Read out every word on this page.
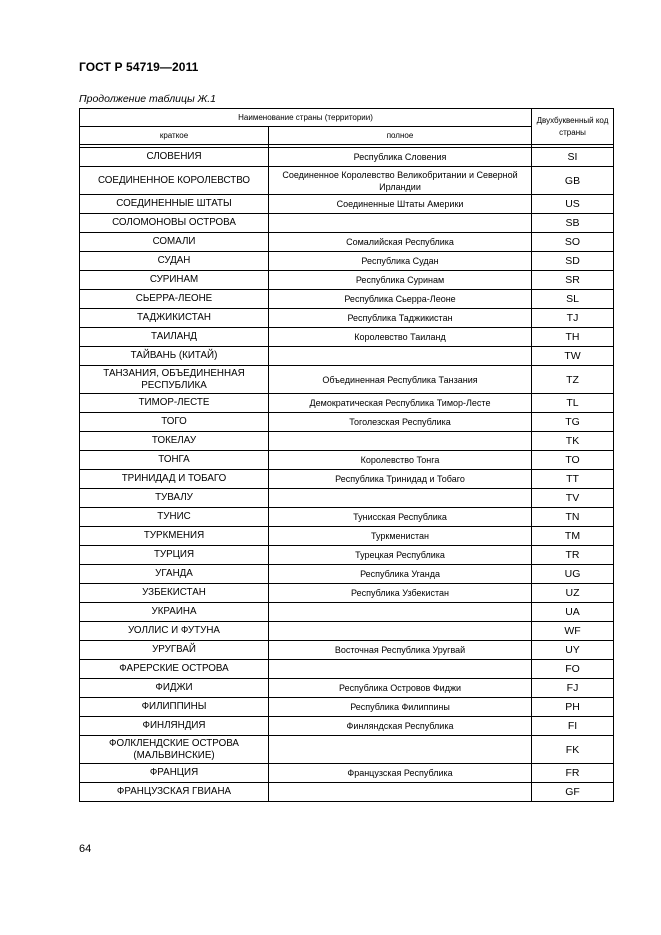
ГОСТ Р 54719—2011
Продолжение таблицы Ж.1
Наименование страны (территории)		Двухбуквенный код страны
краткое	полное	

СЛОВЕНИЯ	Республика Словения	SI
СОЕДИНЕННОЕ КОРОЛЕВСТВО	Соединенное Королевство Великобритании и Северной Ирландии	GB
СОЕДИНЕННЫЕ ШТАТЫ	Соединенные Штаты Америки	US
СОЛОМОНОВЫ ОСТРОВА		SB
СОМАЛИ	Сомалийская Республика	SO
СУДАН	Республика Судан	SD
СУРИНАМ	Республика Суринам	SR
СЬЕРРА-ЛЕОНЕ	Республика Сьерра-Леоне	SL
ТАДЖИКИСТАН	Республика Таджикистан	TJ
ТАИЛАНД	Королевство Таиланд	TH
ТАЙВАНЬ (КИТАЙ)		TW
ТАНЗАНИЯ, ОБЪЕДИНЕННАЯ РЕСПУБЛИКА	Объединенная Республика Танзания	TZ
ТИМОР-ЛЕСТЕ	Демократическая Республика Тимор-Лесте	TL
ТОГО	Тоголезская Республика	TG
ТОКЕЛАУ		TK
ТОНГА	Королевство Тонга	TO
ТРИНИДАД И ТОБАГО	Республика Тринидад и Тобаго	TT
ТУВАЛУ		TV
ТУНИС	Тунисская Республика	TN
ТУРКМЕНИЯ	Туркменистан	TM
ТУРЦИЯ	Турецкая Республика	TR
УГАНДА	Республика Уганда	UG
УЗБЕКИСТАН	Республика Узбекистан	UZ
УКРАИНА		UA
УОЛЛИС И ФУТУНА		WF
УРУГВАЙ	Восточная Республика Уругвай	UY
ФАРЕРСКИЕ ОСТРОВА		FO
ФИДЖИ	Республика Островов Фиджи	FJ
ФИЛИППИНЫ	Республика Филиппины	PH
ФИНЛЯНДИЯ	Финляндская Республика	FI
ФОЛКЛЕНДСКИЕ ОСТРОВА (МАЛЬВИНСКИЕ)		FK
ФРАНЦИЯ	Французская Республика	FR
ФРАНЦУЗСКАЯ ГВИАНА		GF
64
